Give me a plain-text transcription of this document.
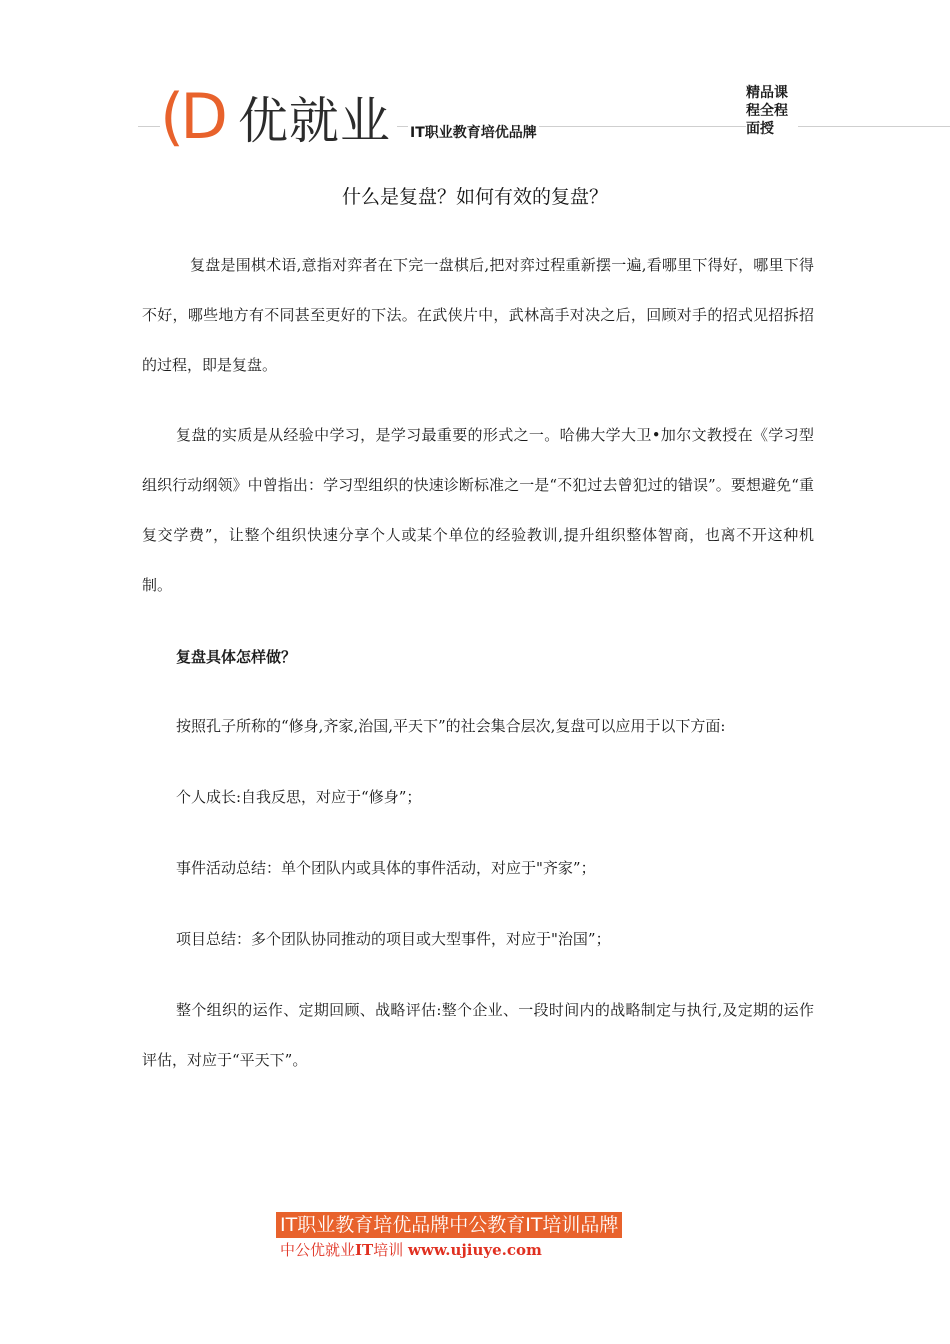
(D 优就业 IT职业教育培优品牌
精品课程全程面授
什么是复盘？如何有效的复盘？

复盘是围棋术语,意指对弈者在下完一盘棋后,把对弈过程重新摆一遍,看哪里下得好，哪里下得不好，哪些地方有不同甚至更好的下法。在武侠片中，武林高手对决之后，回顾对手的招式见招拆招的过程，即是复盘。

复盘的实质是从经验中学习，是学习最重要的形式之一。哈佛大学大卫•加尔文教授在《学习型组织行动纲领》中曾指出：学习型组织的快速诊断标准之一是“不犯过去曾犯过的错误”。要想避免“重复交学费”，让整个组织快速分享个人或某个单位的经验教训,提升组织整体智商，也离不开这种机制。

复盘具体怎样做？
按照孔子所称的“修身,齐家,治国,平天下”的社会集合层次,复盘可以应用于以下方面:
个人成长:自我反思，对应于“修身”；
事件活动总结：单个团队内或具体的事件活动，对应于"齐家”；
项目总结：多个团队协同推动的项目或大型事件，对应于"治国”；

整个组织的运作、定期回顾、战略评估:整个企业、一段时间内的战略制定与执行,及定期的运作评估，对应于“平天下”。

IT职业教育培优品牌中公教育IT培训品牌
中公优就业IT培训 www.ujiuye.com
